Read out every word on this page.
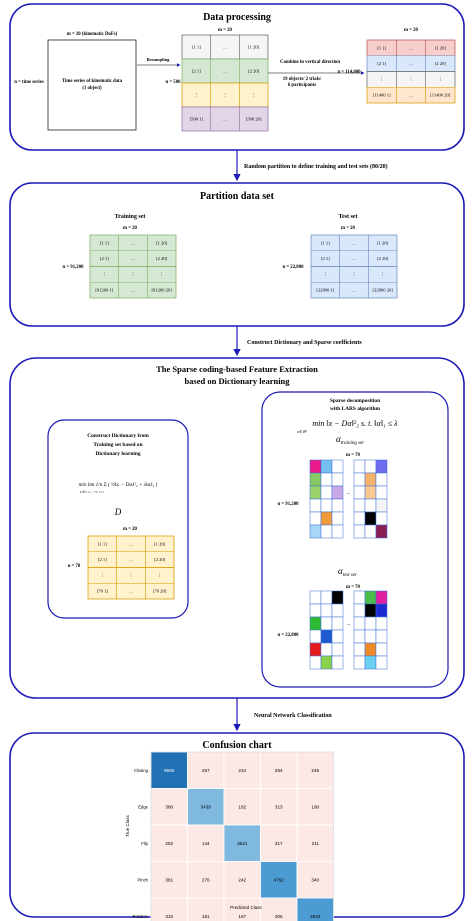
Data processing
m = 20 (kinematic DoFs)
n = time series	Time series of kinematic data
(1 object)
Resampling
m = 20
n = 500
[1 1]	...	[1 20]
[2 1]	...	[2 20]
⋮	⋮	⋮
[500 1]	...	[500 20]
Combine in vertical direction
19 objects/ 2 trials/
6 participants
n = 114,000
m = 20
[1 1]	...	[1 20]
[2 1]	...	[2 20]
⋮	⋮	⋮
[11400 1]	...	[11400 20]
Random partition to define training and test sets (80/20)
Partition data set
Training set	Test set
m = 20	m = 20
n = 91,200	n = 22,800
[1 1]	...	[1 20]
[2 1]	...	[2 20]
⋮	⋮	⋮
[91200 1]	...	[91200 20]
[1 1]	...	[1 20]
[2 1]	...	[2 20]
⋮	⋮	⋮
[22800 1]	...	[22800 20]
Construct Dictionary and Sparse coefficients
The Sparse coding-based Feature Extraction
based on Dictionary learning
Construct Dictionary from
Training set based on
Dictionary learning
min lim 1/n Σ ( ½‖xᵢ − Dαᵢ‖²₂ + λ‖αᵢ‖₁ )
D∈C n→+∞ i=1
D
m = 20
n = 70
[1 1]	...	[1 20]
[2 1]	...	[2 20]
⋮	⋮	⋮
[70 1]	...	[70 20]
Sparse decomposition
with LARS algorithm
min ‖x − Dα‖²₂ s. t. ‖α‖₁ ≤ λ
α∈ℝᵏ
$\alpha_{training set}$
m = 70
n = 91,200
...
$\alpha_{test set}$
m = 70
n = 22,800
...
Neural Network Classification
Confusion chart
9665	257	234	254	245
380	3439	182	313	190
252	144	3621	317	211
381	276	242	4752	340
310	181	167	306	4942
Closing
Edge
Flip
Pinch
Rotation
True Class
Predicted Class
